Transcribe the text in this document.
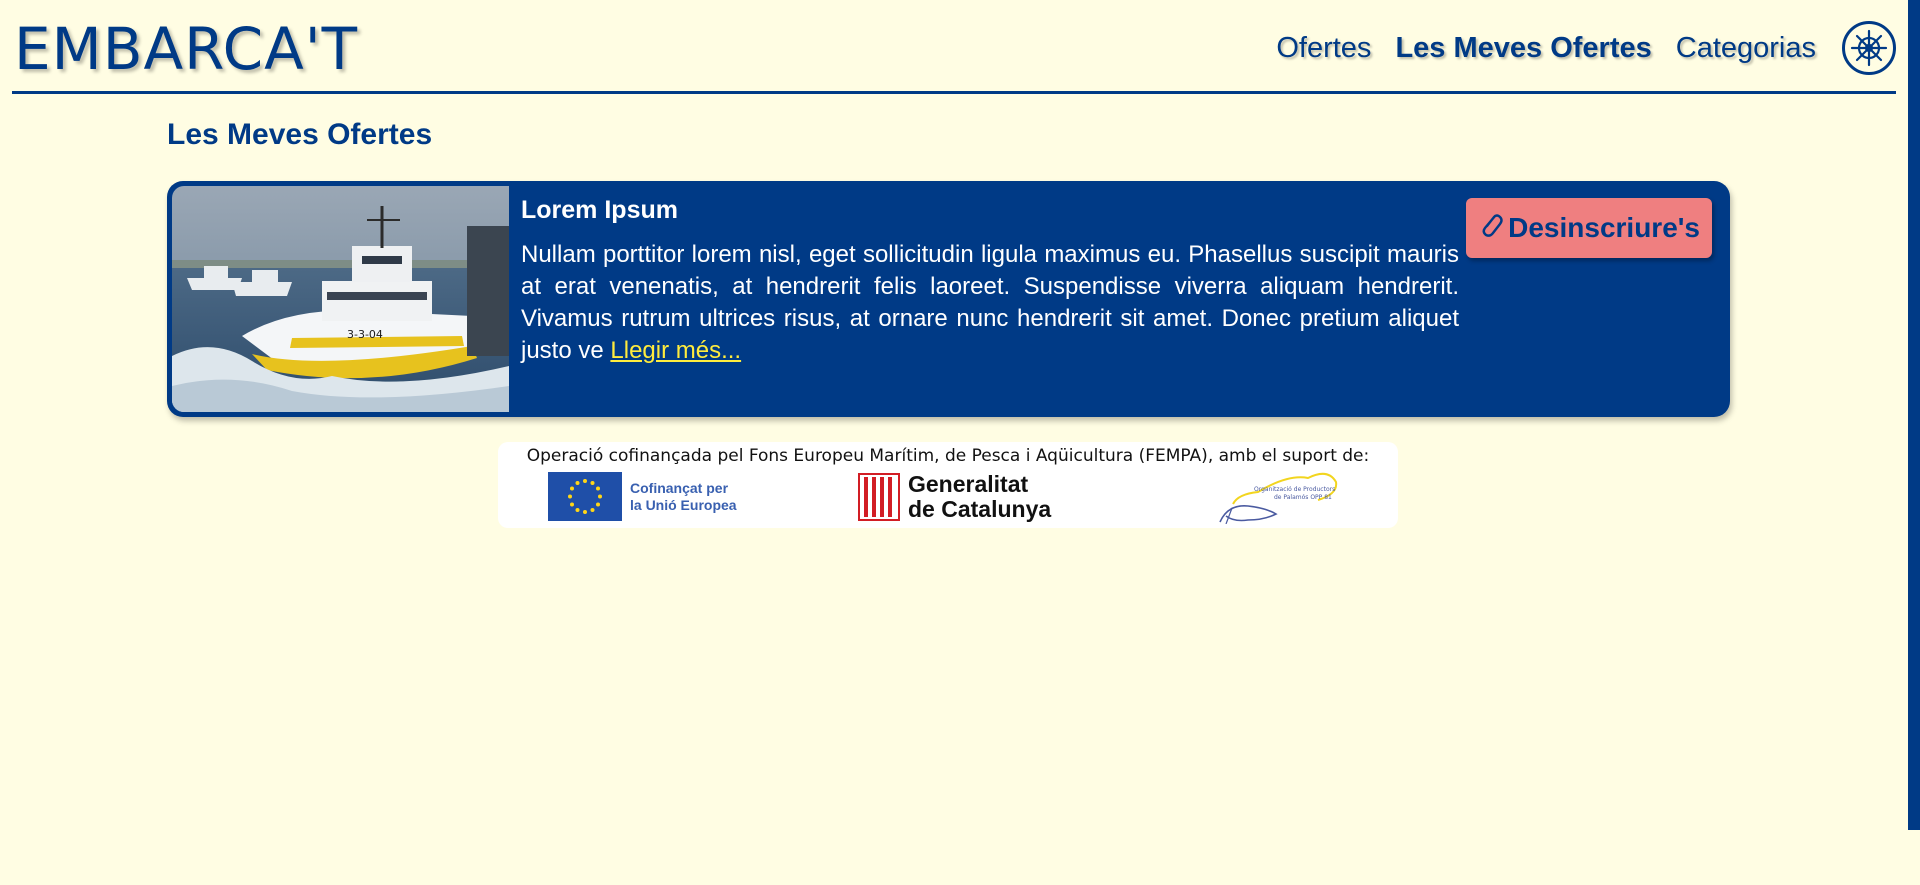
EMBARCA'T	Ofertes Les Meves Ofertes Categorias
Les Meves Ofertes
3-3-04
Lorem Ipsum

Nullam porttitor lorem nisl, eget sollicitudin ligula maximus eu. Phasellus suscipit mauris at erat venenatis, at hendrerit felis laoreet. Suspendisse viverra aliquam hendrerit. Vivamus rutrum ultrices risus, at ornare nunc hendrerit sit amet. Donec pretium aliquet justo ve Llegir més...

Desinscriure's
Operació cofinançada pel Fons Europeu Marítim, de Pesca i Aqüicultura (FEMPA), amb el suport de:
Cofinançat per
la Unió Europea
Generalitat
de Catalunya
Organització de Productors
de Palamós OPP 81
